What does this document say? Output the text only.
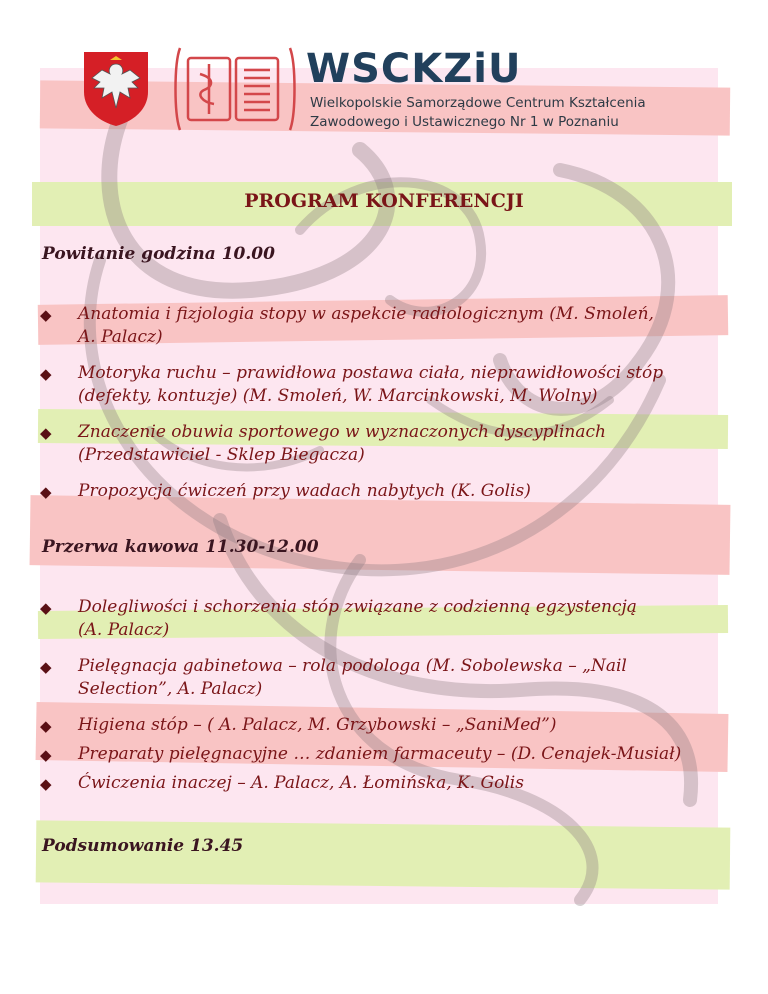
WSCKZiU
Wielkopolskie Samorządowe Centrum Kształcenia
Zawodowego i Ustawicznego Nr 1 w Poznaniu
PROGRAM KONFERENCJI
Powitanie godzina 10.00
◆ Anatomia i fizjologia stopy w aspekcie radiologicznym (M. Smoleń,
A. Palacz)
◆ Motoryka ruchu – prawidłowa postawa ciała, nieprawidłowości stóp
(defekty, kontuzje) (M. Smoleń, W. Marcinkowski, M. Wolny)
◆ Znaczenie obuwia sportowego w wyznaczonych dyscyplinach
(Przedstawiciel - Sklep Biegacza)
◆ Propozycja ćwiczeń przy wadach nabytych (K. Golis)
Przerwa kawowa 11.30-12.00
◆ Dolegliwości i schorzenia stóp związane z codzienną egzystencją
(A. Palacz)
◆ Pielęgnacja gabinetowa – rola podologa (M. Sobolewska – „Nail
Selection”, A. Palacz)
◆ Higiena stóp – ( A. Palacz, M. Grzybowski – „SaniMed”)
◆ Preparaty pielęgnacyjne … zdaniem farmaceuty – (D. Cenajek-Musiał)
◆ Ćwiczenia inaczej – A. Palacz, A. Łomińska, K. Golis
Podsumowanie 13.45
